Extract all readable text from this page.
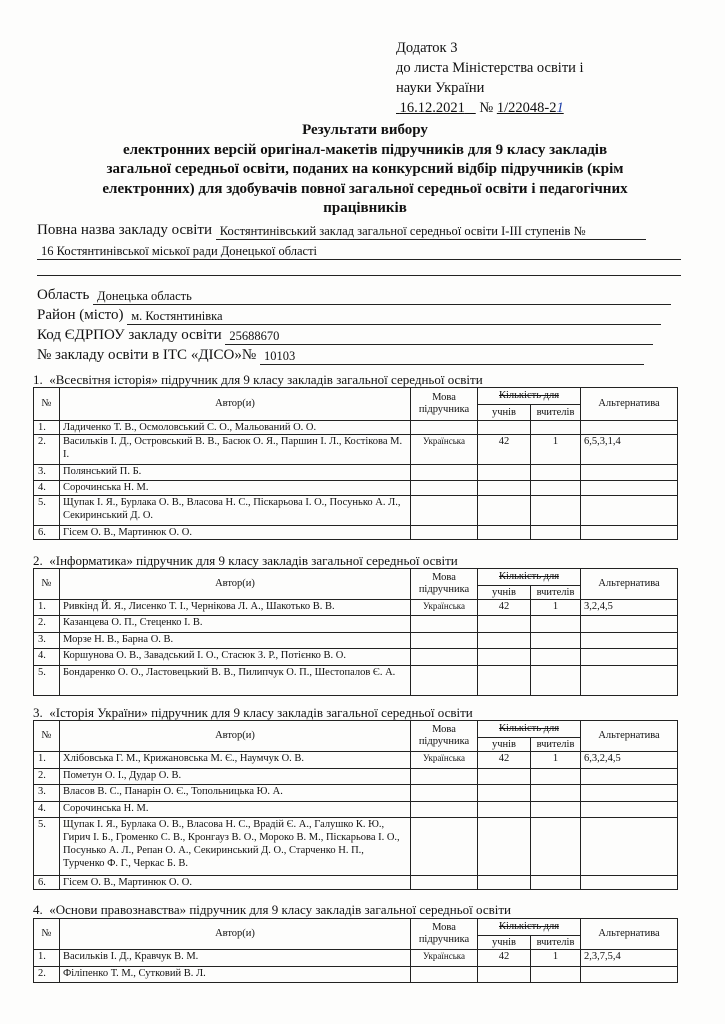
Додаток 3
до листа Міністерства освіти і
науки України
16.12.2021 № 1/22048-21
Результати вибору
електронних версій оригінал-макетів підручників для 9 класу закладів
загальної середньої освіти, поданих на конкурсний відбір підручників (крім
електронних) для здобувачів повної загальної середньої освіти і педагогічних
працівників
Повна назва закладу освіти Костянтинівський заклад загальної середньої освіти I-III ступенів №
16 Костянтинівської міської ради Донецької області
Область Донецька область
Район (місто) м. Костянтинівка
Код ЄДРПОУ закладу освіти 25688670
№ закладу освіти в ІТС «ДІСО»№ 10103
1. «Всесвітня історія» підручник для 9 класу закладів загальної середньої освіти
№	Автор(и)	Мова
підручника	Кількість для		Альтернатива
			учнів	вчителів	
1.	Ладиченко Т. В., Осмоловський С. О., Мальований О. О.				
2.	Васильків І. Д., Островський В. В., Басюк О. Я., Паршин І. Л., Костікова М. І.	Українська	42	1	6,5,3,1,4
3.	Полянський П. Б.				
4.	Сорочинська Н. М.				
5.	Щупак І. Я., Бурлака О. В., Власова Н. С., Піскарьова І. О., Посунько А. Л., Секиринський Д. О.				
6.	Гісем О. В., Мартинюк О. О.				
2. «Інформатика» підручник для 9 класу закладів загальної середньої освіти
№	Автор(и)	Мова
підручника	Кількість для		Альтернатива
			учнів	вчителів	
1.	Ривкінд Й. Я., Лисенко Т. І., Чернікова Л. А., Шакотько В. В.	Українська	42	1	3,2,4,5
2.	Казанцева О. П., Стеценко І. В.				
3.	Морзе Н. В., Барна О. В.				
4.	Коршунова О. В., Завадський І. О., Стасюк З. Р., Потієнко В. О.				
5.	Бондаренко О. О., Ластовецький В. В., Пилипчук О. П., Шестопалов Є. А.				
3. «Історія України» підручник для 9 класу закладів загальної середньої освіти
№	Автор(и)	Мова
підручника	Кількість для		Альтернатива
			учнів	вчителів	
1.	Хлібовська Г. М., Крижановська М. Є., Наумчук О. В.	Українська	42	1	6,3,2,4,5
2.	Пометун О. І., Дудар О. В.				
3.	Власов В. С., Панарін О. Є., Топольницька Ю. А.				
4.	Сорочинська Н. М.				
5.	Щупак І. Я., Бурлака О. В., Власова Н. С., Врадій Є. А., Галушко К. Ю., Гирич І. Б., Громенко С. В., Кронгауз В. О., Мороко В. М., Піскарьова І. О., Посунько А. Л., Репан О. А., Секиринський Д. О., Старченко Н. П., Турченко Ф. Г., Черкас Б. В.				
6.	Гісем О. В., Мартинюк О. О.				
4. «Основи правознавства» підручник для 9 класу закладів загальної середньої освіти
№	Автор(и)	Мова
підручника	Кількість для		Альтернатива
			учнів	вчителів	
1.	Васильків І. Д., Кравчук В. М.	Українська	42	1	2,3,7,5,4
2.	Філіпенко Т. М., Сутковий В. Л.				
